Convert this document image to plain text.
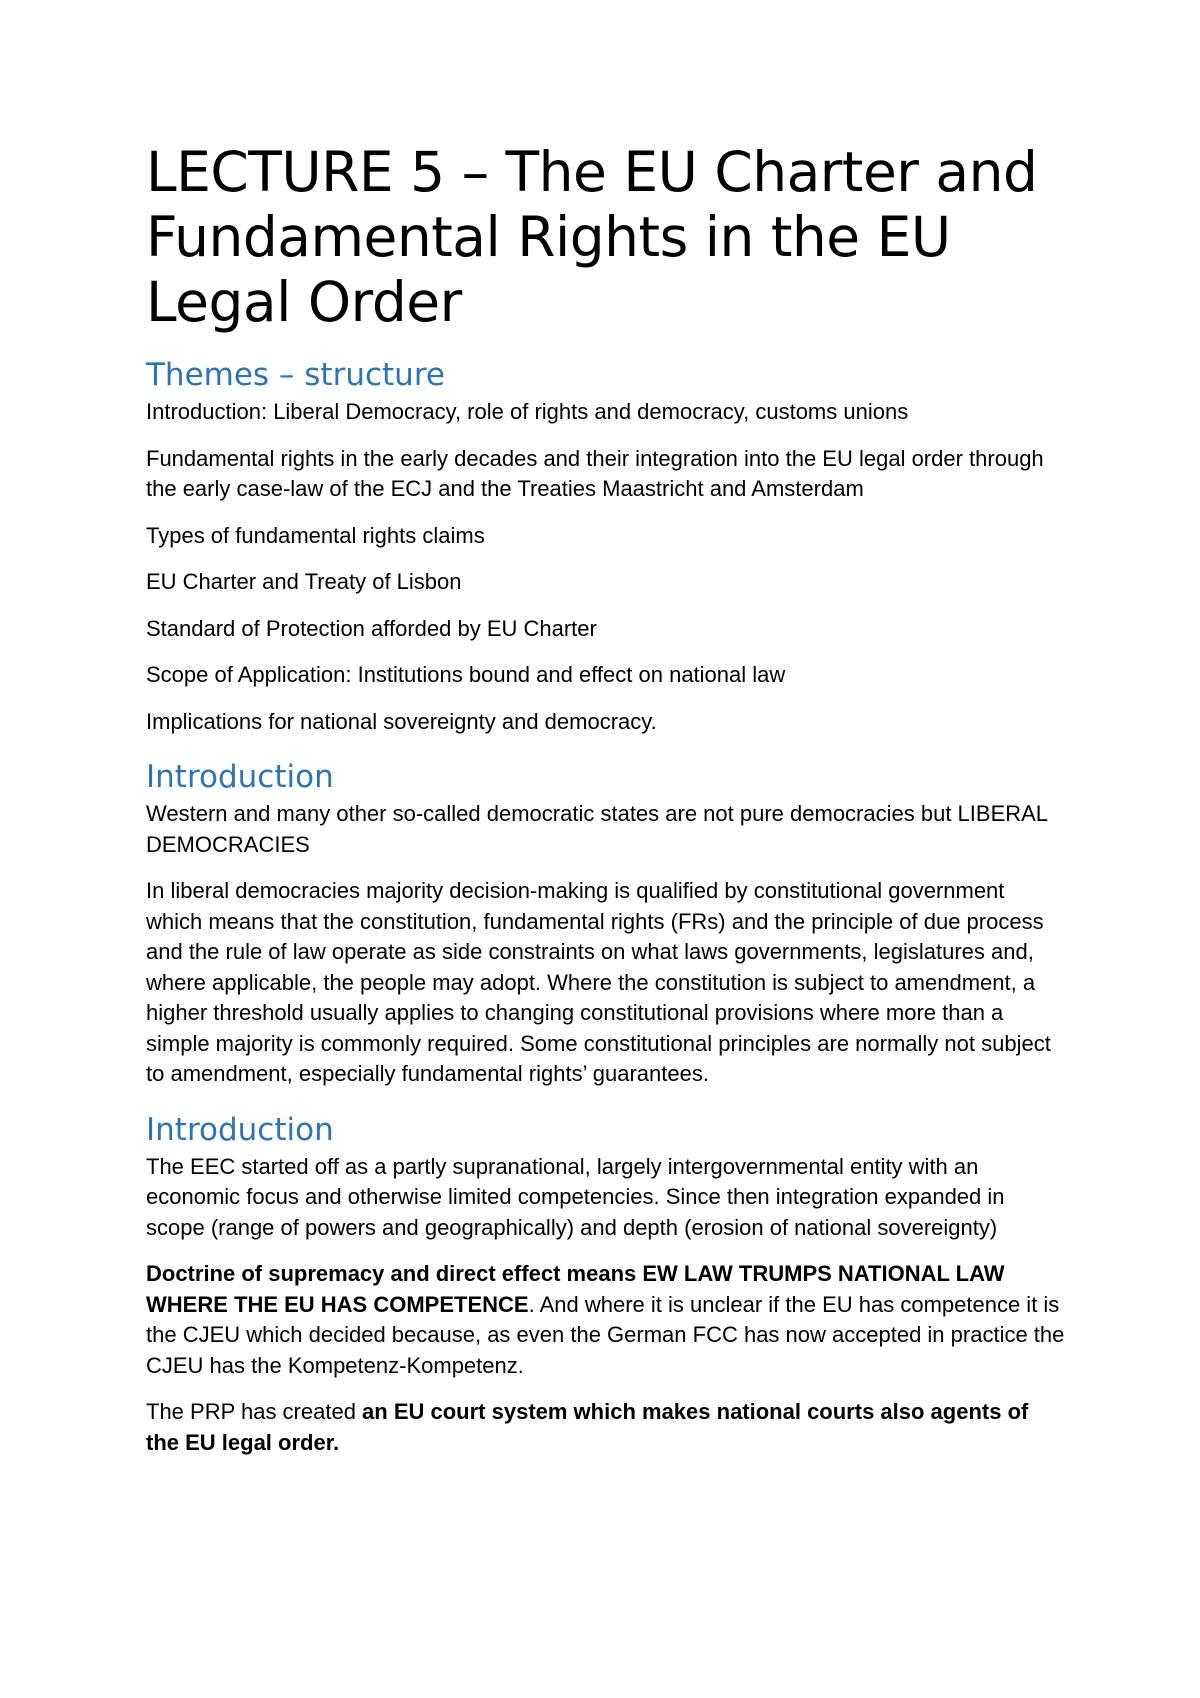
LECTURE 5 – The EU Charter and Fundamental Rights in the EU Legal Order
Themes – structure

Introduction: Liberal Democracy, role of rights and democracy, customs unions

Fundamental rights in the early decades and their integration into the EU legal order through the early case-law of the ECJ and the Treaties Maastricht and Amsterdam

Types of fundamental rights claims

EU Charter and Treaty of Lisbon

Standard of Protection afforded by EU Charter

Scope of Application: Institutions bound and effect on national law

Implications for national sovereignty and democracy.

Introduction

Western and many other so-called democratic states are not pure democracies but LIBERAL DEMOCRACIES

In liberal democracies majority decision-making is qualified by constitutional government which means that the constitution, fundamental rights (FRs) and the principle of due process and the rule of law operate as side constraints on what laws governments, legislatures and, where applicable, the people may adopt. Where the constitution is subject to amendment, a higher threshold usually applies to changing constitutional provisions where more than a simple majority is commonly required. Some constitutional principles are normally not subject to amendment, especially fundamental rights’ guarantees.

Introduction

The EEC started off as a partly supranational, largely intergovernmental entity with an economic focus and otherwise limited competencies. Since then integration expanded in scope (range of powers and geographically) and depth (erosion of national sovereignty)

Doctrine of supremacy and direct effect means EW LAW TRUMPS NATIONAL LAW WHERE THE EU HAS COMPETENCE. And where it is unclear if the EU has competence it is the CJEU which decided because, as even the German FCC has now accepted in practice the CJEU has the Kompetenz-Kompetenz.

The PRP has created an EU court system which makes national courts also agents of the EU legal order.
